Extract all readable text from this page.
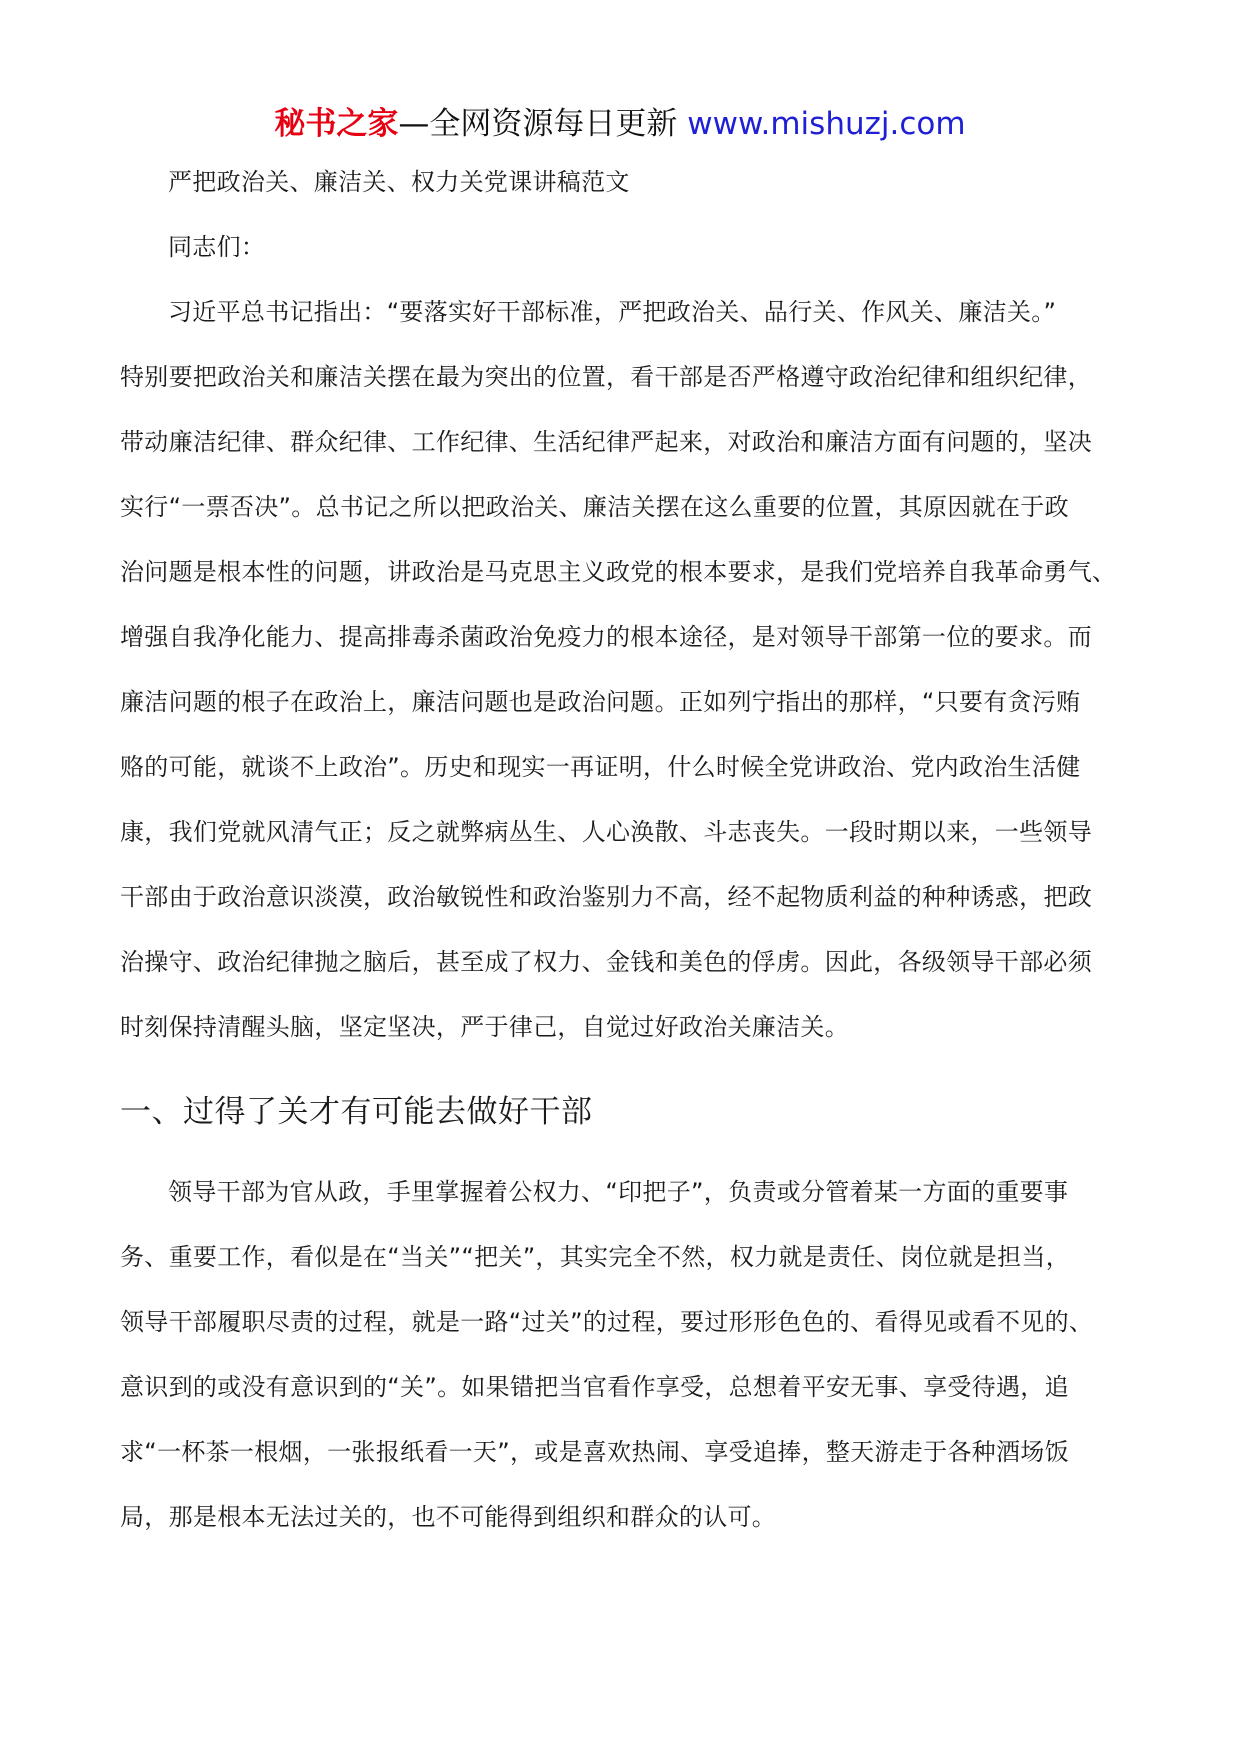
秘书之家—全网资源每日更新 www.mishuzj.com
严把政治关、廉洁关、权力关党课讲稿范文
同志们：
习近平总书记指出：“要落实好干部标准，严把政治关、品行关、作风关、廉洁关。”
特别要把政治关和廉洁关摆在最为突出的位置，看干部是否严格遵守政治纪律和组织纪律，
带动廉洁纪律、群众纪律、工作纪律、生活纪律严起来，对政治和廉洁方面有问题的，坚决
实行“一票否决”。总书记之所以把政治关、廉洁关摆在这么重要的位置，其原因就在于政
治问题是根本性的问题，讲政治是马克思主义政党的根本要求，是我们党培养自我革命勇气、
增强自我净化能力、提高排毒杀菌政治免疫力的根本途径，是对领导干部第一位的要求。而
廉洁问题的根子在政治上，廉洁问题也是政治问题。正如列宁指出的那样，“只要有贪污贿
赂的可能，就谈不上政治”。历史和现实一再证明，什么时候全党讲政治、党内政治生活健
康，我们党就风清气正；反之就弊病丛生、人心涣散、斗志丧失。一段时期以来，一些领导
干部由于政治意识淡漠，政治敏锐性和政治鉴别力不高，经不起物质利益的种种诱惑，把政
治操守、政治纪律抛之脑后，甚至成了权力、金钱和美色的俘虏。因此，各级领导干部必须
时刻保持清醒头脑，坚定坚决，严于律己，自觉过好政治关廉洁关。
一、过得了关才有可能去做好干部
领导干部为官从政，手里掌握着公权力、“印把子”，负责或分管着某一方面的重要事
务、重要工作，看似是在“当关”“把关”，其实完全不然，权力就是责任、岗位就是担当，
领导干部履职尽责的过程，就是一路“过关”的过程，要过形形色色的、看得见或看不见的、
意识到的或没有意识到的“关”。如果错把当官看作享受，总想着平安无事、享受待遇，追
求“一杯茶一根烟，一张报纸看一天”，或是喜欢热闹、享受追捧，整天游走于各种酒场饭
局，那是根本无法过关的，也不可能得到组织和群众的认可。
